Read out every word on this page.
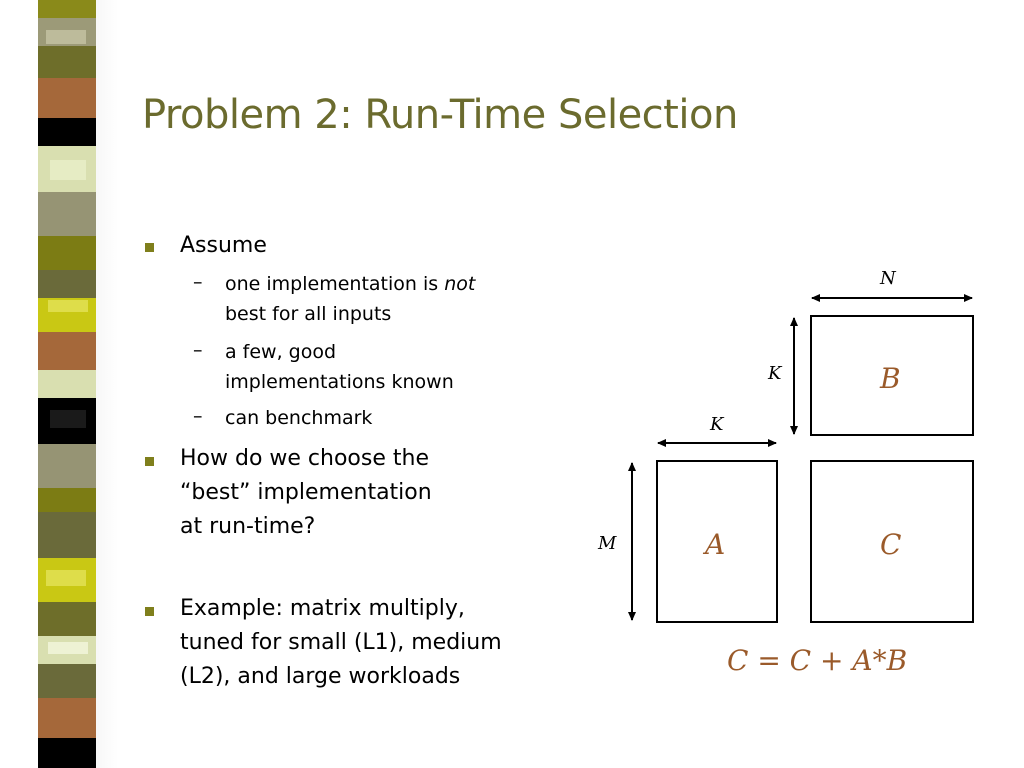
Problem 2: Run-Time Selection
Assume
– one implementation is not
best for all inputs
– a few, good
implementations known
– can benchmark
How do we choose the
“best” implementation
at run-time?
Example: matrix multiply,
tuned for small (L1), medium
(L2), and large workloads
N
K
K
M
B
A	C
C = C + A*B
